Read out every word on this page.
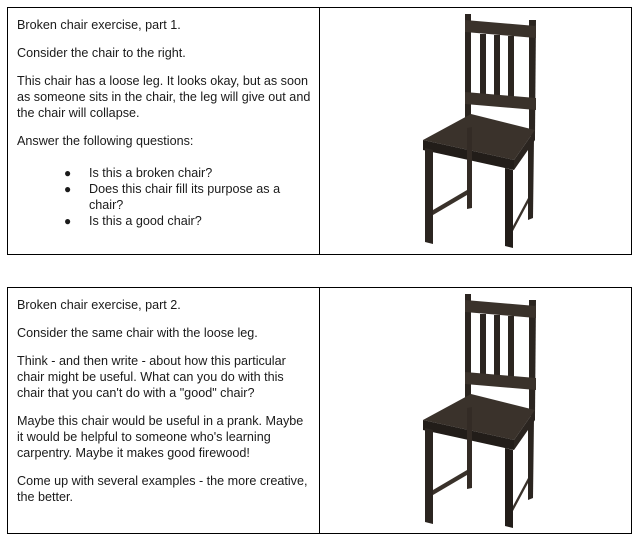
Broken chair exercise, part 1.

Consider the chair to the right.

This chair has a loose leg. It looks okay, but as soon as someone sits in the chair, the leg will give out and the chair will collapse.

Answer the following questions:

● Is this a broken chair?
● Does this chair fill its purpose as a chair?
● Is this a good chair?

Broken chair exercise, part 2.

Consider the same chair with the loose leg.

Think - and then write - about how this particular chair might be useful. What can you do with this chair that you can't do with a "good" chair?

Maybe this chair would be useful in a prank. Maybe it would be helpful to someone who's learning carpentry. Maybe it makes good firewood!

Come up with several examples - the more creative, the better.
